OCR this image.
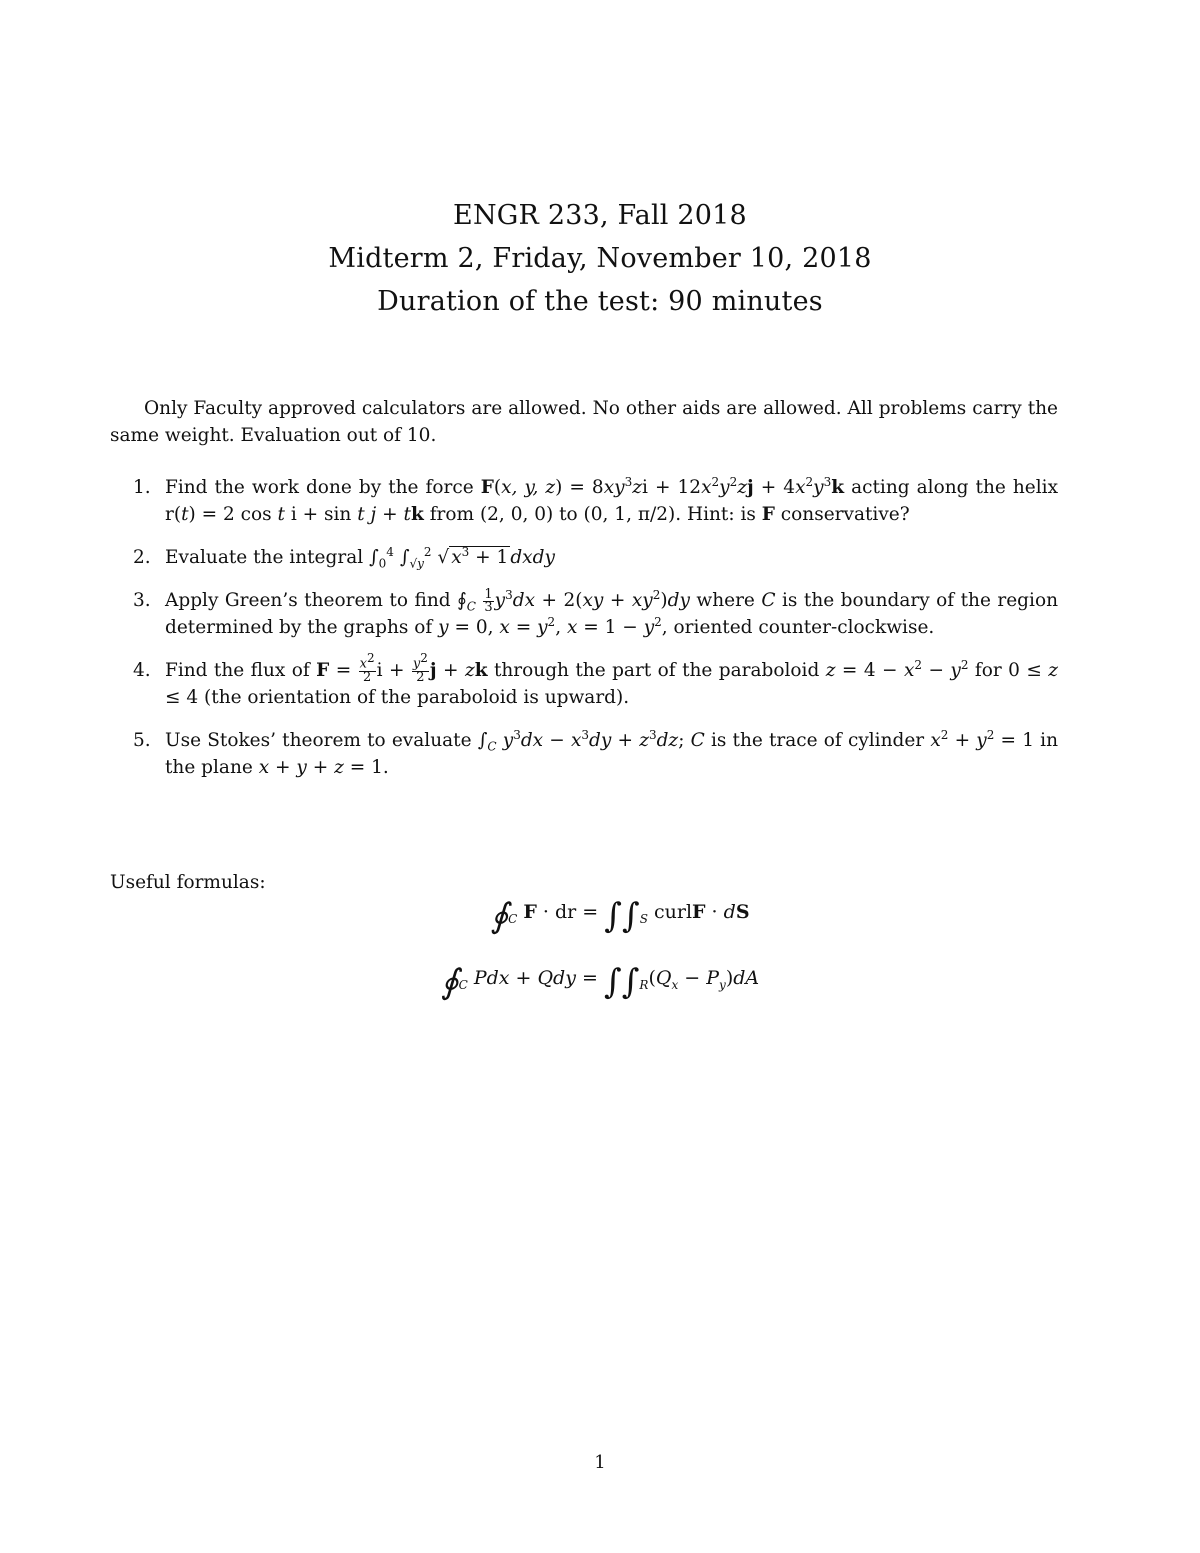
ENGR 233, Fall 2018
Midterm 2, Friday, November 10, 2018
Duration of the test: 90 minutes
Only Faculty approved calculators are allowed. No other aids are allowed. All problems carry the same weight. Evaluation out of 10.
1. Find the work done by the force F(x, y, $z) = 8xy^3zi + 12x^2y^2zj + 4x^2y^3k$ acting along the helix r(t) = 2 cos t i + sin t j + tk from (2, 0, 0) to (0, 1, π/2). Hint: is F conservative?
2. Evaluate the integral $\int_0^4$ $\int_{√y}^2$ √ $x^3 + 1$ dxdy
3. Apply Green’s theorem to find $∮_C \frac{1}{3} y^3dx + 2(xy + xy^2)dy$ where C is the boundary of the region determined by the graphs of y = 0, $x = y^2$, $x = 1 - y^2$, oriented counter-clockwise.
4. Find the flux of $F = \frac{x^2}{2}$ $i + \frac{y^2}{2}$ j + zk through the part of the paraboloid $z = 4 - x^2 - y^2$ for 0 ≤ z ≤ 4 (the orientation of the paraboloid is upward).
5. Use Stokes’ theorem to evaluate $\int_C$ $y^3dx - x^3dy + z^3dz$; C is the trace of cylinder $x^2 + y^2 = 1$ in the plane x + y + z = 1.
Useful formulas:
$∮_C$ F · dr = $\int\int_S$ curlF · dS
$∮_C$ Pdx + Qdy = $\int\int_R(Q_x - P_y)dA$
1
